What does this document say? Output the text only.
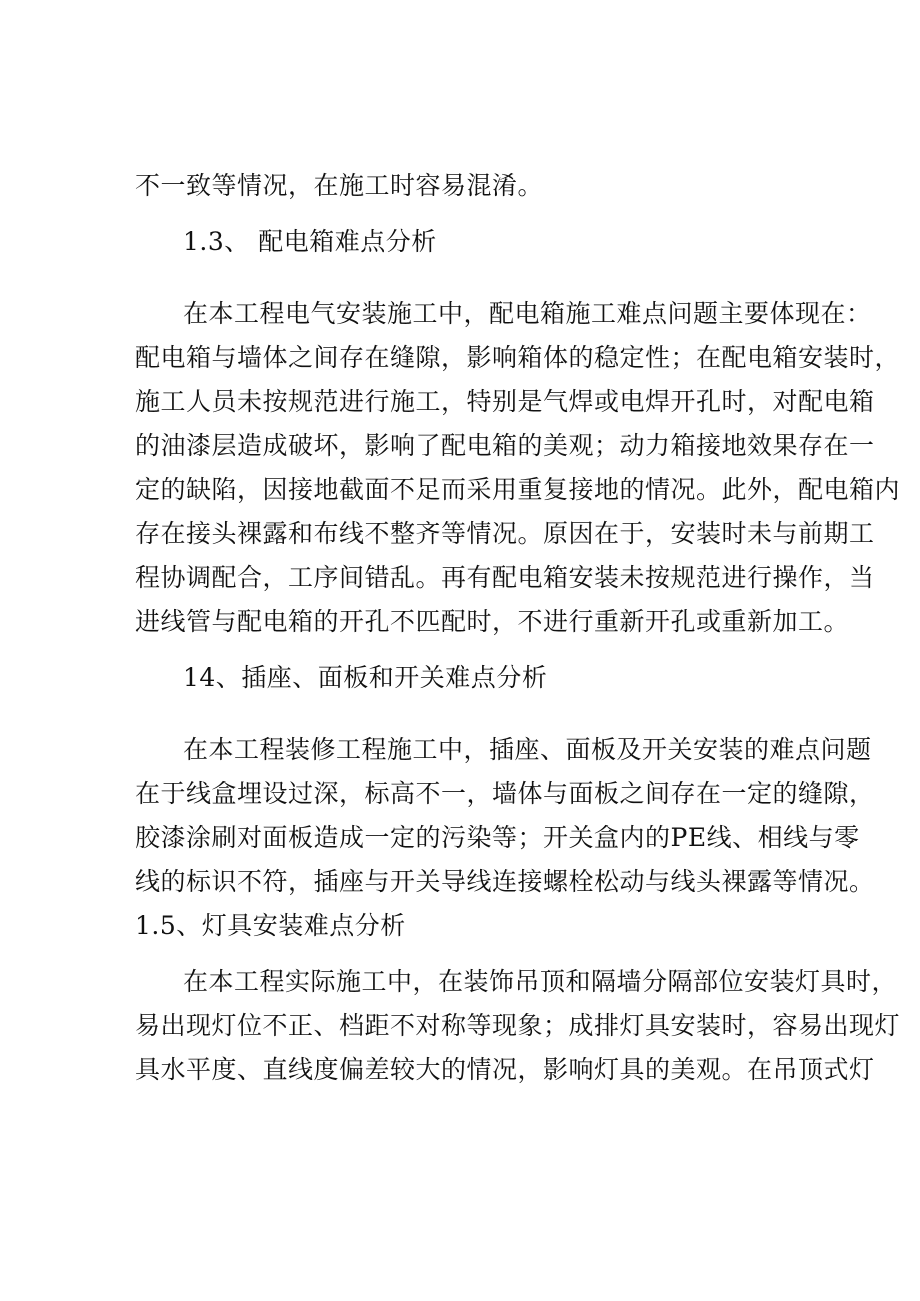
不一致等情况，在施工时容易混淆。
1.3、 配电箱难点分析
在本工程电气安装施工中，配电箱施工难点问题主要体现在：
配电箱与墙体之间存在缝隙，影响箱体的稳定性；在配电箱安装时，
施工人员未按规范进行施工，特别是气焊或电焊开孔时，对配电箱
的油漆层造成破坏，影响了配电箱的美观；动力箱接地效果存在一
定的缺陷，因接地截面不足而采用重复接地的情况。此外，配电箱内
存在接头裸露和布线不整齐等情况。原因在于，安装时未与前期工
程协调配合，工序间错乱。再有配电箱安装未按规范进行操作，当
进线管与配电箱的开孔不匹配时，不进行重新开孔或重新加工。
14、插座、面板和开关难点分析
在本工程装修工程施工中，插座、面板及开关安装的难点问题
在于线盒埋设过深，标高不一，墙体与面板之间存在一定的缝隙，
胶漆涂刷对面板造成一定的污染等；开关盒内的PE线、相线与零
线的标识不符，插座与开关导线连接螺栓松动与线头裸露等情况。
1.5、灯具安装难点分析
在本工程实际施工中，在装饰吊顶和隔墙分隔部位安装灯具时，
易出现灯位不正、档距不对称等现象；成排灯具安装时，容易出现灯
具水平度、直线度偏差较大的情况，影响灯具的美观。在吊顶式灯
